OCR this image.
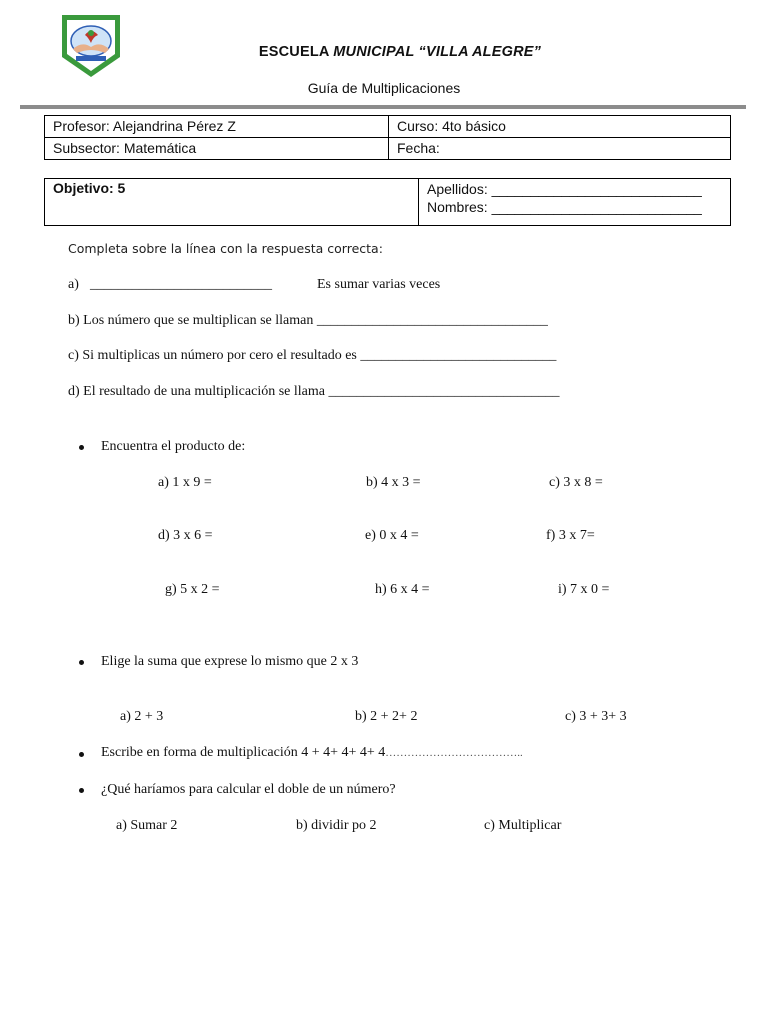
ESCUELA MUNICIPAL “VILLA ALEGRE”
Guía de Multiplicaciones
Profesor: Alejandrina Pérez Z	Curso: 4to básico
Subsector: Matemática	Fecha:
Objetivo: 5	Apellidos: ___________________________
Nombres: ___________________________
Completa sobre la línea con la respuesta correcta:
a) __________________________	Es sumar varias veces
b) Los número que se multiplican se llaman _________________________________
c) Si multiplicas un número por cero el resultado es ____________________________
d) El resultado de una multiplicación se llama _________________________________
Encuentra el producto de:
a) 1 x 9 =	b) 4 x 3 =	c) 3 x 8 =
d) 3 x 6 =	e) 0 x 4 =	f) 3 x 7=
g) 5 x 2 =	h) 6 x 4 =	i) 7 x 0 =
Elige la suma que exprese lo mismo que 2 x 3
a) 2 + 3	b) 2 + 2+ 2	c) 3 + 3+ 3
Escribe en forma de multiplicación 4 + 4+ 4+ 4+ 4………………………………..
¿Qué haríamos para calcular el doble de un número?
a) Sumar 2	b) dividir po 2	c) Multiplicar
